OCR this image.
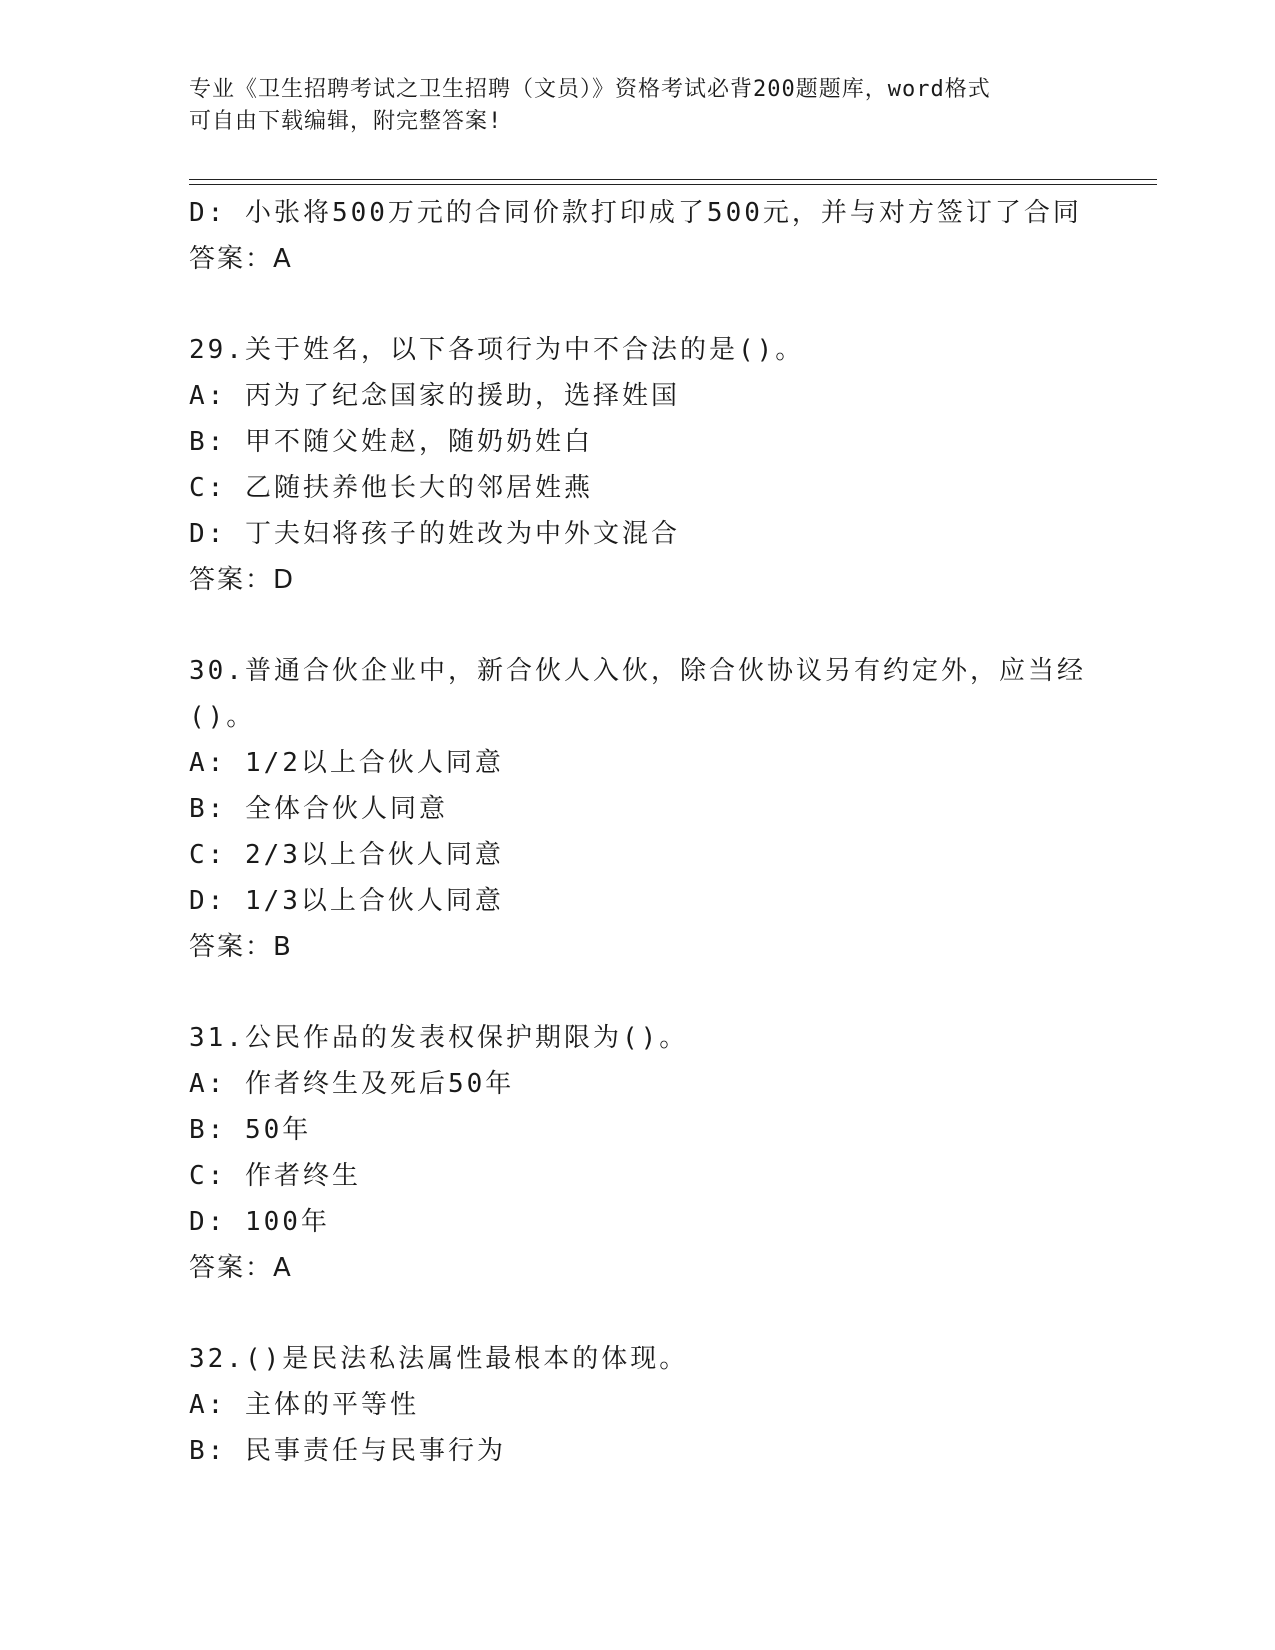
专业《卫生招聘考试之卫生招聘（文员）》资格考试必背200题题库，word格式
可自由下载编辑，附完整答案!
D: 小张将500万元的合同价款打印成了500元，并与对方签订了合同
答案：A
29.关于姓名，以下各项行为中不合法的是()。
A: 丙为了纪念国家的援助，选择姓国
B: 甲不随父姓赵，随奶奶姓白
C: 乙随扶养他长大的邻居姓燕
D: 丁夫妇将孩子的姓改为中外文混合
答案：D
30.普通合伙企业中，新合伙人入伙，除合伙协议另有约定外，应当经
()。
A: 1/2以上合伙人同意
B: 全体合伙人同意
C: 2/3以上合伙人同意
D: 1/3以上合伙人同意
答案：B
31.公民作品的发表权保护期限为()。
A: 作者终生及死后50年
B: 50年
C: 作者终生
D: 100年
答案：A
32.()是民法私法属性最根本的体现。
A: 主体的平等性
B: 民事责任与民事行为
